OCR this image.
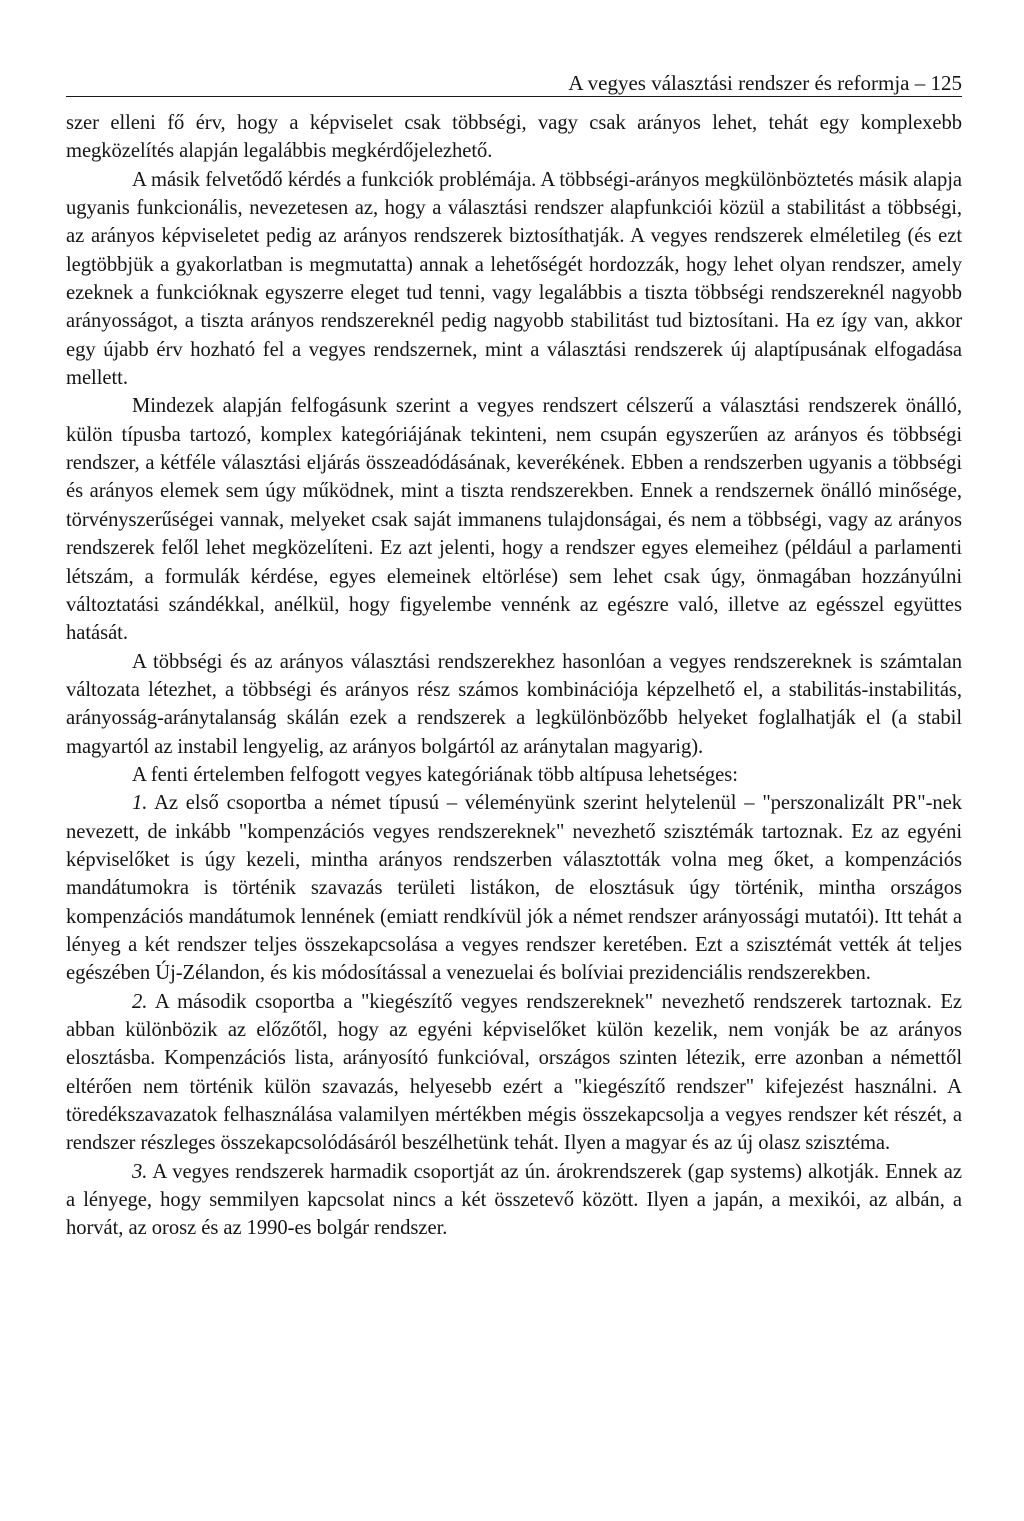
A vegyes választási rendszer és reformja – 125

szer elleni fő érv, hogy a képviselet csak többségi, vagy csak arányos lehet, tehát egy komplexebb megközelítés alapján legalábbis megkérdőjelezhető.

A másik felvetődő kérdés a funkciók problémája. A többségi-arányos megkülönböztetés másik alapja ugyanis funkcionális, nevezetesen az, hogy a választási rendszer alapfunkciói közül a stabilitást a többségi, az arányos képviseletet pedig az arányos rendszerek biztosíthatják. A vegyes rendszerek elméletileg (és ezt legtöbbjük a gyakorlatban is megmutatta) annak a lehetőségét hordozzák, hogy lehet olyan rendszer, amely ezeknek a funkcióknak egyszerre eleget tud tenni, vagy legalábbis a tiszta többségi rendszereknél nagyobb arányosságot, a tiszta arányos rendszereknél pedig nagyobb stabilitást tud biztosítani. Ha ez így van, akkor egy újabb érv hozható fel a vegyes rendszernek, mint a választási rendszerek új alaptípusának elfogadása mellett.

Mindezek alapján felfogásunk szerint a vegyes rendszert célszerű a választási rendszerek önálló, külön típusba tartozó, komplex kategóriájának tekinteni, nem csupán egyszerűen az arányos és többségi rendszer, a kétféle választási eljárás összeadódásának, keverékének. Ebben a rendszerben ugyanis a többségi és arányos elemek sem úgy működnek, mint a tiszta rendszerekben. Ennek a rendszernek önálló minősége, törvényszerűségei vannak, melyeket csak saját immanens tulajdonságai, és nem a többségi, vagy az arányos rendszerek felől lehet megközelíteni. Ez azt jelenti, hogy a rendszer egyes elemeihez (például a parlamenti létszám, a formulák kérdése, egyes elemeinek eltörlése) sem lehet csak úgy, önmagában hozzányúlni változtatási szándékkal, anélkül, hogy figyelembe vennénk az egészre való, illetve az egésszel együttes hatását.

A többségi és az arányos választási rendszerekhez hasonlóan a vegyes rendszereknek is számtalan változata létezhet, a többségi és arányos rész számos kombinációja képzelhető el, a stabilitás-instabilitás, arányosság-aránytalanság skálán ezek a rendszerek a legkülönbözőbb helyeket foglalhatják el (a stabil magyartól az instabil lengyelig, az arányos bolgártól az aránytalan magyarig).

A fenti értelemben felfogott vegyes kategóriának több altípusa lehetséges:

1. Az első csoportba a német típusú – véleményünk szerint helytelenül – "perszonalizált PR"-nek nevezett, de inkább "kompenzációs vegyes rendszereknek" nevezhető szisztémák tartoznak. Ez az egyéni képviselőket is úgy kezeli, mintha arányos rendszerben választották volna meg őket, a kompenzációs mandátumokra is történik szavazás területi listákon, de elosztásuk úgy történik, mintha országos kompenzációs mandátumok lennének (emiatt rendkívül jók a német rendszer arányossági mutatói). Itt tehát a lényeg a két rendszer teljes összekapcsolása a vegyes rendszer keretében. Ezt a szisztémát vették át teljes egészében Új-Zélandon, és kis módosítással a venezuelai és bolíviai prezidenciális rendszerekben.

2. A második csoportba a "kiegészítő vegyes rendszereknek" nevezhető rendszerek tartoznak. Ez abban különbözik az előzőtől, hogy az egyéni képviselőket külön kezelik, nem vonják be az arányos elosztásba. Kompenzációs lista, arányosító funkcióval, országos szinten létezik, erre azonban a némettől eltérően nem történik külön szavazás, helyesebb ezért a "kiegészítő rendszer" kifejezést használni. A töredékszavazatok felhasználása valamilyen mértékben mégis összekapcsolja a vegyes rendszer két részét, a rendszer részleges összekapcsolódásáról beszélhetünk tehát. Ilyen a magyar és az új olasz szisztéma.

3. A vegyes rendszerek harmadik csoportját az ún. árokrendszerek (gap systems) alkotják. Ennek az a lényege, hogy semmilyen kapcsolat nincs a két összetevő között. Ilyen a japán, a mexikói, az albán, a horvát, az orosz és az 1990-es bolgár rendszer.
